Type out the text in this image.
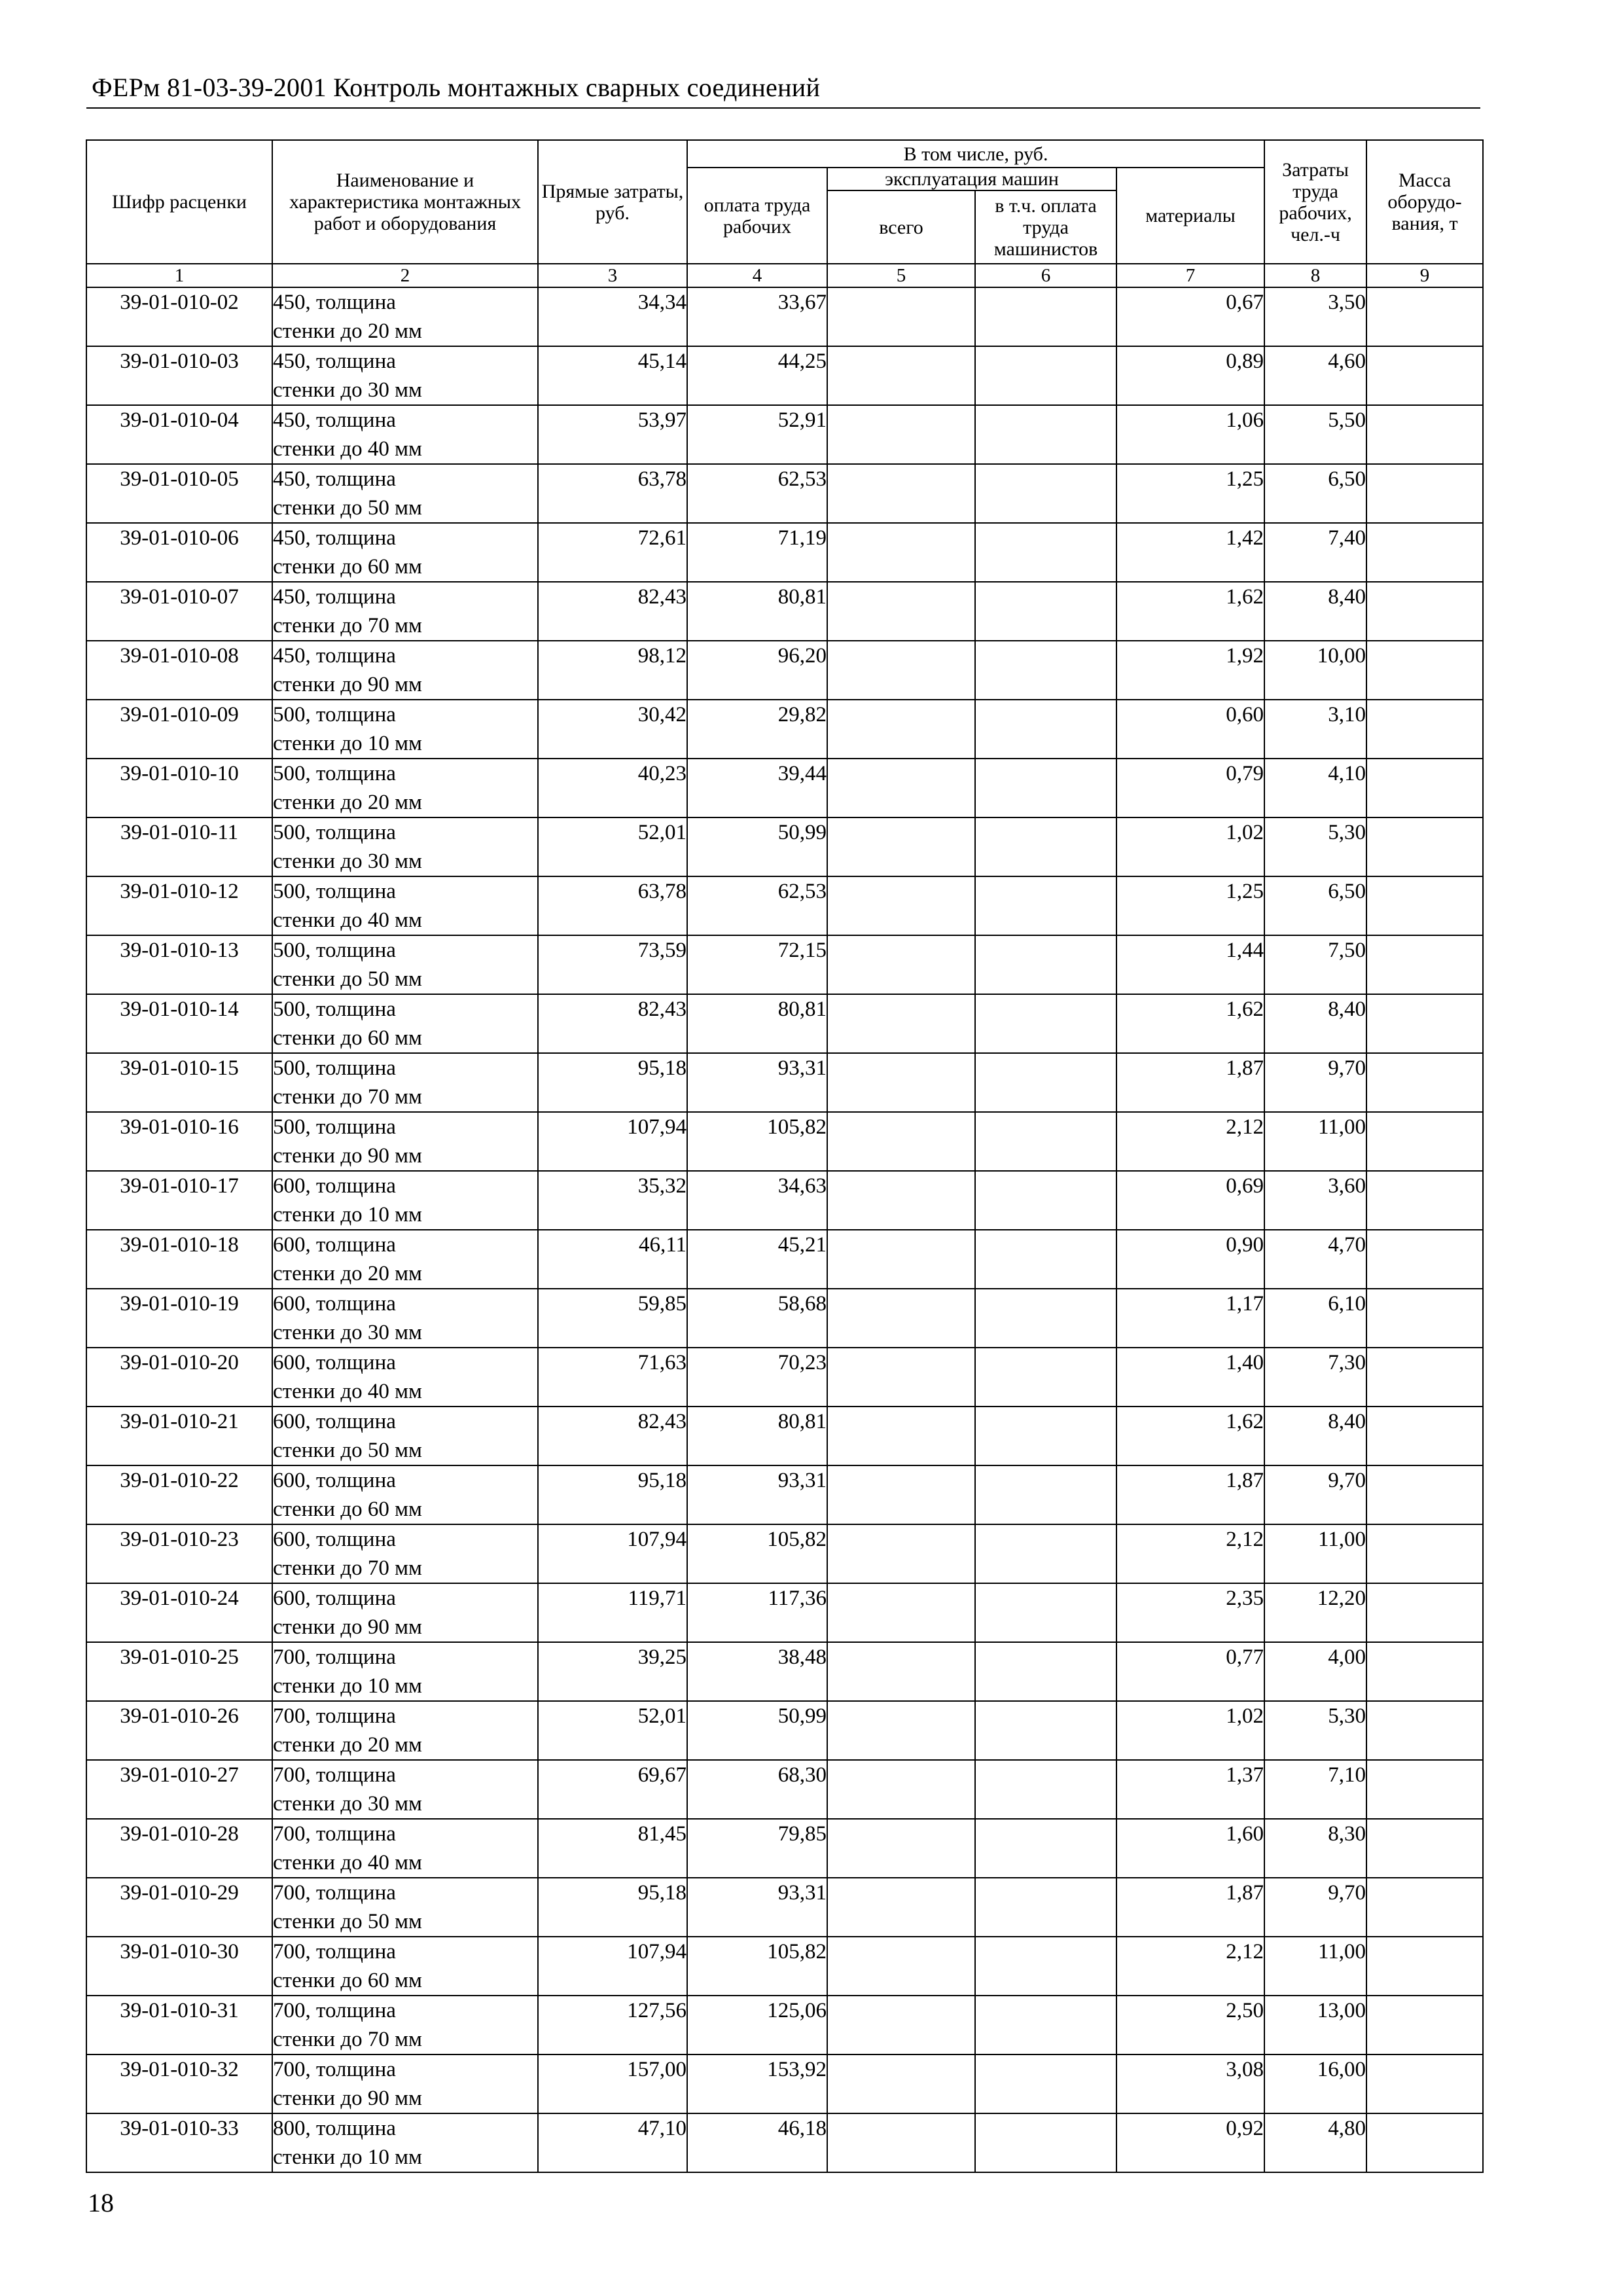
ФЕРм 81-03-39-2001 Контроль монтажных сварных соединений
Шифр расценки	Наименование и характеристика монтажных работ и оборудования	Прямые затраты, руб.	В том числе, руб.				Затраты труда рабочих, чел.-ч	Масса оборудо-вания, т
			оплата труда рабочих	эксплуатация машин		материалы		
				всего	в т.ч. оплата труда машинистов			
1	2	3	4	5	6	7	8	9
39-01-010-02	450, толщина
стенки до 20 мм	34,34	33,67			0,67	3,50	
39-01-010-03	450, толщина
стенки до 30 мм	45,14	44,25			0,89	4,60	
39-01-010-04	450, толщина
стенки до 40 мм	53,97	52,91			1,06	5,50	
39-01-010-05	450, толщина
стенки до 50 мм	63,78	62,53			1,25	6,50	
39-01-010-06	450, толщина
стенки до 60 мм	72,61	71,19			1,42	7,40	
39-01-010-07	450, толщина
стенки до 70 мм	82,43	80,81			1,62	8,40	
39-01-010-08	450, толщина
стенки до 90 мм	98,12	96,20			1,92	10,00	
39-01-010-09	500, толщина
стенки до 10 мм	30,42	29,82			0,60	3,10	
39-01-010-10	500, толщина
стенки до 20 мм	40,23	39,44			0,79	4,10	
39-01-010-11	500, толщина
стенки до 30 мм	52,01	50,99			1,02	5,30	
39-01-010-12	500, толщина
стенки до 40 мм	63,78	62,53			1,25	6,50	
39-01-010-13	500, толщина
стенки до 50 мм	73,59	72,15			1,44	7,50	
39-01-010-14	500, толщина
стенки до 60 мм	82,43	80,81			1,62	8,40	
39-01-010-15	500, толщина
стенки до 70 мм	95,18	93,31			1,87	9,70	
39-01-010-16	500, толщина
стенки до 90 мм	107,94	105,82			2,12	11,00	
39-01-010-17	600, толщина
стенки до 10 мм	35,32	34,63			0,69	3,60	
39-01-010-18	600, толщина
стенки до 20 мм	46,11	45,21			0,90	4,70	
39-01-010-19	600, толщина
стенки до 30 мм	59,85	58,68			1,17	6,10	
39-01-010-20	600, толщина
стенки до 40 мм	71,63	70,23			1,40	7,30	
39-01-010-21	600, толщина
стенки до 50 мм	82,43	80,81			1,62	8,40	
39-01-010-22	600, толщина
стенки до 60 мм	95,18	93,31			1,87	9,70	
39-01-010-23	600, толщина
стенки до 70 мм	107,94	105,82			2,12	11,00	
39-01-010-24	600, толщина
стенки до 90 мм	119,71	117,36			2,35	12,20	
39-01-010-25	700, толщина
стенки до 10 мм	39,25	38,48			0,77	4,00	
39-01-010-26	700, толщина
стенки до 20 мм	52,01	50,99			1,02	5,30	
39-01-010-27	700, толщина
стенки до 30 мм	69,67	68,30			1,37	7,10	
39-01-010-28	700, толщина
стенки до 40 мм	81,45	79,85			1,60	8,30	
39-01-010-29	700, толщина
стенки до 50 мм	95,18	93,31			1,87	9,70	
39-01-010-30	700, толщина
стенки до 60 мм	107,94	105,82			2,12	11,00	
39-01-010-31	700, толщина
стенки до 70 мм	127,56	125,06			2,50	13,00	
39-01-010-32	700, толщина
стенки до 90 мм	157,00	153,92			3,08	16,00	
39-01-010-33	800, толщина
стенки до 10 мм	47,10	46,18			0,92	4,80	
18
